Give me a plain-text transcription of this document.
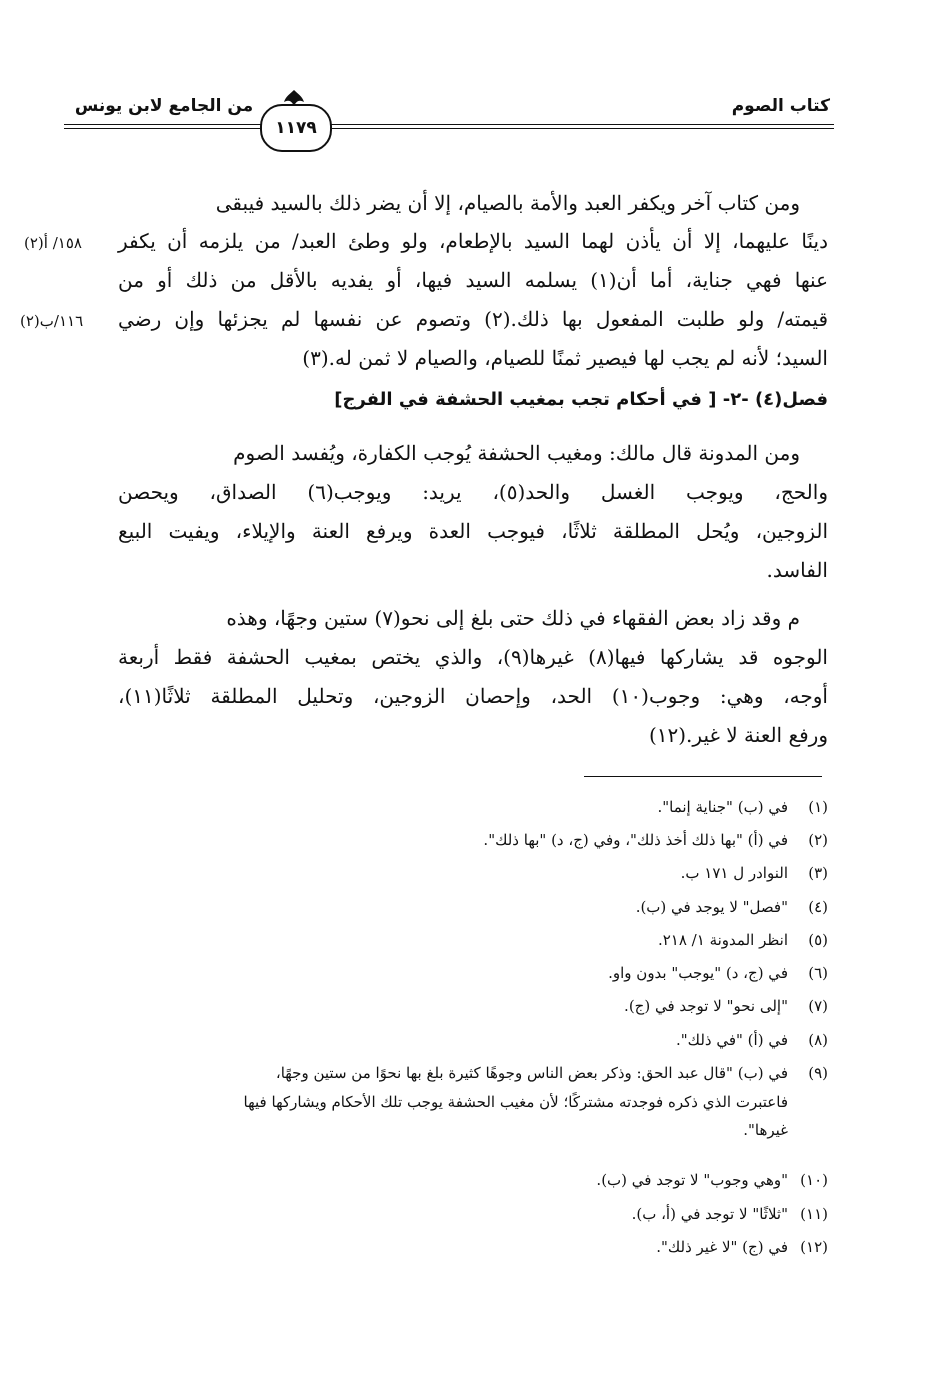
كتاب الصوم
من الجامع لابن يونس
١١٧٩
١٥٨/ أ(٢)
١١٦/ب(٢)
ومن كتاب آخر ويكفر العبد والأمة بالصيام، إلا أن يضر ذلك بالسيد فيبقى
دينًا عليهما، إلا أن يأذن لهما السيد بالإطعام، ولو وطئ العبد/ من يلزمه أن يكفر
عنها فهي جناية، أما أن(١) يسلمه السيد فيها، أو يفديه بالأقل من ذلك أو من
قيمته/ ولو طلبت المفعول بها ذلك.(٢) وتصوم عن نفسها لم يجزئها وإن رضي
السيد؛ لأنه لم يجب لها فيصير ثمنًا للصيام، والصيام لا ثمن له.(٣)
فصل(٤) -٢- [ في أحكام تجب بمغيب الحشفة في الفرج]
ومن المدونة قال مالك: ومغيب الحشفة يُوجب الكفارة، ويُفسد الصوم
والحج، ويوجب الغسل والحد(٥)، يريد: ويوجب(٦) الصداق، ويحصن
الزوجين، ويُحل المطلقة ثلاثًا، فيوجب العدة ويرفع العنة والإيلاء، ويفيت البيع
الفاسد.
م وقد زاد بعض الفقهاء في ذلك حتى بلغ إلى نحو(٧) ستين وجهًا، وهذه
الوجوه قد يشاركها فيها(٨) غيرها(٩)، والذي يختص بمغيب الحشفة فقط أربعة
أوجه، وهي: وجوب(١٠) الحد، وإحصان الزوجين، وتحليل المطلقة ثلاثًا(١١)،
ورفع العنة لا غير.(١٢)
(١)في (ب) "جناية إنما".
(٢)في (أ) "بها ذلك أخذ ذلك"، وفي (ج، د) "بها ذلك".
(٣)النوادر ل ١٧١ ب.
(٤)"فصل" لا يوجد في (ب).
(٥)انظر المدونة ١/ ٢١٨.
(٦)في (ج، د) "يوجب" بدون واو.
(٧)"إلى نحو" لا توجد في (ج).
(٨)في (أ) "في ذلك".
(٩)في (ب) "قال عبد الحق: وذكر بعض الناس وجوهًا كثيرة بلغ بها نحوًا من ستين وجهًا،
فاعتبرت الذي ذكره فوجدته مشتركًا؛ لأن مغيب الحشفة يوجب تلك الأحكام ويشاركها فيها
غيرها".
(١٠)"وهي وجوب" لا توجد في (ب).
(١١)"ثلاثًا" لا توجد في (أ، ب).
(١٢)في (ج) "لا غير ذلك".
